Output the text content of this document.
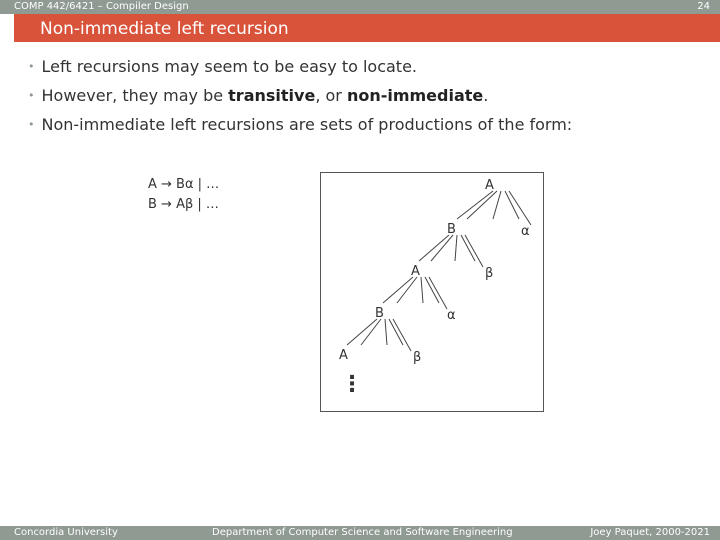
COMP 442/6421 – Compiler Design	24
Non-immediate left recursion
• Left recursions may seem to be easy to locate.
• However, they may be transitive, or non-immediate.
• Non-immediate left recursions are sets of productions of the form:
A → Bα | …
B → Aβ | …
A
B	α
A	β
B	α
A	β
⋮
Concordia University	Department of Computer Science and Software Engineering	Joey Paquet, 2000-2021
